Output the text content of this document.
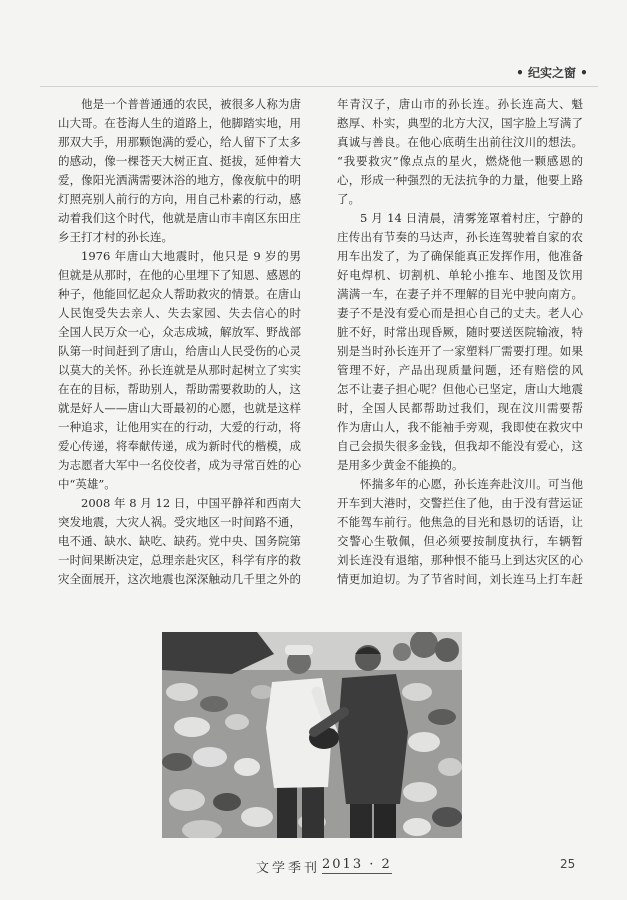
• 纪实之窗 •
他是一个普普通通的农民，被很多人称为唐
山大哥。在苍海人生的道路上，他脚踏实地，用
那双大手，用那颗饱满的爱心，给人留下了太多
的感动，像一棵苍天大树正直、挺拔，延伸着大
爱，像阳光洒满需要沐浴的地方，像夜航中的明
灯照亮别人前行的方向，用自己朴素的行动，感
动着我们这个时代，他就是唐山市丰南区东田庄
乡王打才村的孙长连。
1976 年唐山大地震时，他只是 9 岁的男
但就是从那时，在他的心里埋下了知恩、感恩的
种子，他能回忆起众人帮助救灾的情景。在唐山
人民饱受失去亲人、失去家园、失去信心的时
全国人民万众一心，众志成城，解放军、野战部
队第一时间赶到了唐山，给唐山人民受伤的心灵
以莫大的关怀。孙长连就是从那时起树立了实实
在在的目标，帮助别人，帮助需要救助的人，这
就是好人——唐山大哥最初的心愿，也就是这样
一种追求，让他用实在的行动，大爱的行动，将
爱心传递，将奉献传递，成为新时代的楷模，成
为志愿者大军中一名佼佼者，成为寻常百姓的心
中“英雄”。
2008 年 8 月 12 日，中国平静祥和西南大
突发地震，大灾人祸。受灾地区一时间路不通，
电不通、缺水、缺吃、缺药。党中央、国务院第
一时间果断决定，总理亲赴灾区，科学有序的救
灾全面展开，这次地震也深深触动几千里之外的
年青汉子，唐山市的孙长连。孙长连高大、魁
憨厚、朴实，典型的北方大汉，国字脸上写满了
真诚与善良。在他心底萌生出前往汶川的想法。
“我要救灾”像点点的星火，燃烧他一颗感恩的
心，形成一种强烈的无法抗争的力量，他要上路
了。
5 月 14 日清晨，清雾笼罩着村庄，宁静的
庄传出有节奏的马达声，孙长连驾驶着自家的农
用车出发了，为了确保能真正发挥作用，他准备
好电焊机、切割机、单轮小推车、地图及饮用
满满一车，在妻子并不理解的目光中驶向南方。
妻子不是没有爱心而是担心自己的丈夫。老人心
脏不好，时常出现昏厥，随时要送医院输液，特
别是当时孙长连开了一家塑料厂需要打理。如果
管理不好，产品出现质量问题，还有赔偿的风
怎不让妻子担心呢？但他心已坚定，唐山大地震
时，全国人民都帮助过我们，现在汶川需要帮
作为唐山人，我不能袖手旁观，我即使在救灾中
自己会损失很多金钱，但我却不能没有爱心，这
是用多少黄金不能换的。
怀揣多年的心愿，孙长连奔赴汶川。可当他
开车到大港时，交警拦住了他，由于没有营运证
不能驾车前行。他焦急的目光和恳切的话语，让
交警心生敬佩，但必须要按制度执行，车辆暂
刘长连没有退缩，那种恨不能马上到达灾区的心
情更加迫切。为了节省时间，刘长连马上打车赶
文学季刊 2013 · 2	25
